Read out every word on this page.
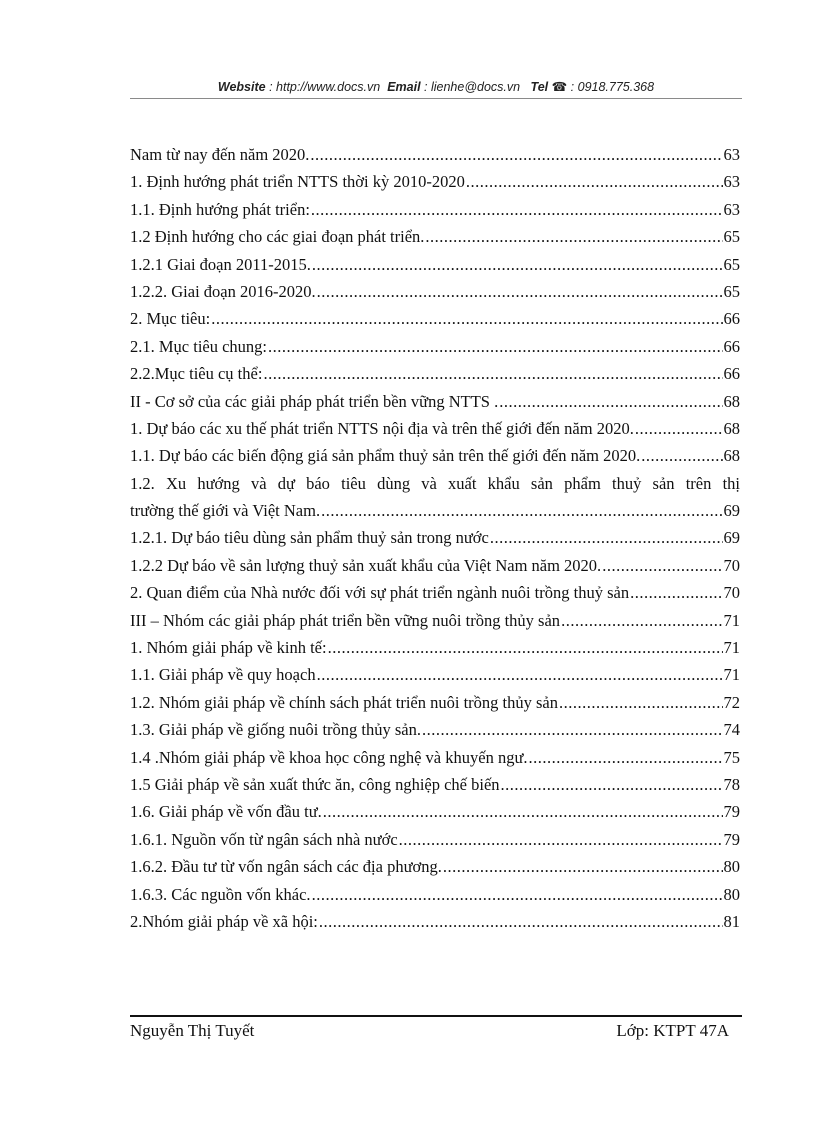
Website : http://www.docs.vn Email : lienhe@docs.vn Tel ☎ : 0918.775.368
Nam từ nay đến năm 2020. .....	63
1. Định hướng phát triển NTTS thời kỳ 2010-2020 .....	63
1.1. Định hướng phát triển: .....	63
1.2 Định hướng cho các giai đoạn phát triển. .....	65
1.2.1 Giai đoạn 2011-2015. .....	65
1.2.2. Giai đoạn 2016-2020. .....	65
2. Mục tiêu: .....	66
2.1. Mục tiêu chung: .....	66
2.2.Mục tiêu cụ thể: .....	66
II - Cơ sở của các giải pháp phát triển bền vững NTTS . .....	68
1. Dự báo các xu thế phát triển NTTS nội địa và trên thế giới đến năm 2020. .....	68
1.1. Dự báo các biến động giá sản phẩm thuỷ sản trên thế giới đến năm 2020. .....	68
1.2. Xu hướng và dự báo tiêu dùng và xuất khẩu sản phẩm thuỷ sản trên thị
trường thế giới và Việt Nam. .....	69
1.2.1. Dự báo tiêu dùng sản phẩm thuỷ sản trong nước .....	69
1.2.2 Dự báo về sản lượng thuỷ sản xuất khẩu của Việt Nam năm 2020. .....	70
2. Quan điểm của Nhà nước đối với sự phát triển ngành nuôi trồng thuỷ sản .....	70
III – Nhóm các giải pháp phát triển bền vững nuôi trồng thủy sản .....	71
1. Nhóm giải pháp về kinh tế: .....	71
1.1. Giải pháp về quy hoạch .....	71
1.2. Nhóm giải pháp về chính sách phát triển nuôi trồng thủy sản .....	72
1.3. Giải pháp về giống nuôi trồng thủy sản. .....	74
1.4 .Nhóm giải pháp về khoa học công nghệ và khuyến ngư. .....	75
1.5 Giải pháp về sản xuất thức ăn, công nghiệp chế biến .....	78
1.6. Giải pháp về vốn đầu tư. .....	79
1.6.1. Nguồn vốn từ ngân sách nhà nước .....	79
1.6.2. Đầu tư từ vốn ngân sách các địa phương. .....	80
1.6.3. Các nguồn vốn khác. .....	80
2.Nhóm giải pháp về xã hội: .....	81
Nguyễn Thị Tuyết	Lớp: KTPT 47A
